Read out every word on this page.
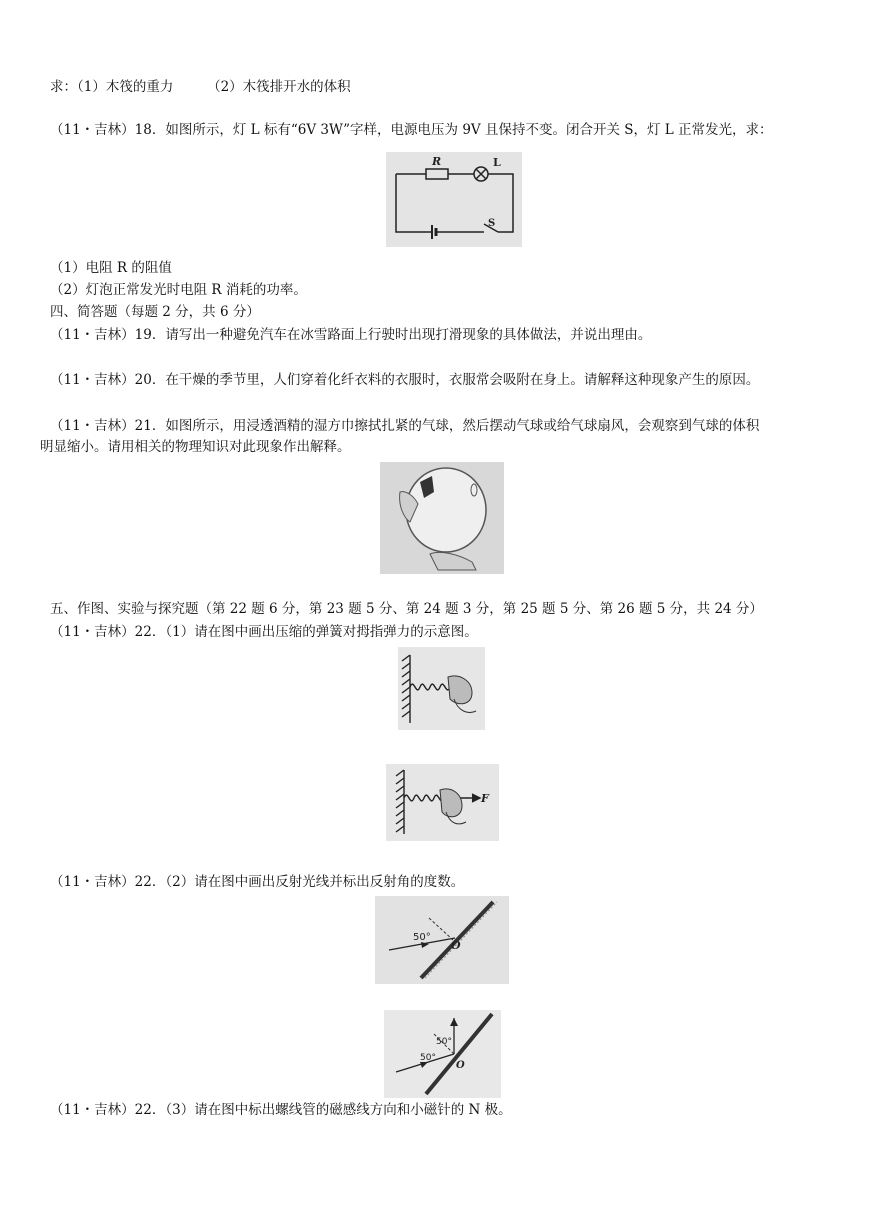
求：（1）木筏的重力　　　（2）木筏排开水的体积
（11・吉林）18．如图所示，灯 L 标有“6V 3W”字样，电源电压为 9V 且保持不变。闭合开关 S，灯 L 正常发光，求：
R	L
S
（1）电阻 R 的阻值
（2）灯泡正常发光时电阻 R 消耗的功率。
四、简答题（每题 2 分，共 6 分）
（11・吉林）19．请写出一种避免汽车在冰雪路面上行驶时出现打滑现象的具体做法，并说出理由。
（11・吉林）20．在干燥的季节里，人们穿着化纤衣料的衣服时，衣服常会吸附在身上。请解释这种现象产生的原因。
（11・吉林）21．如图所示，用浸透酒精的湿方巾擦拭扎紧的气球，然后摆动气球或给气球扇风，会观察到气球的体积
明显缩小。请用相关的物理知识对此现象作出解释。
五、作图、实验与探究题（第 22 题 6 分，第 23 题 5 分、第 24 题 3 分，第 25 题 5 分、第 26 题 5 分，共 24 分）
（11・吉林）22．（1）请在图中画出压缩的弹簧对拇指弹力的示意图。
F
（11・吉林）22．（2）请在图中画出反射光线并标出反射角的度数。
50°
O
50°
50°
O
（11・吉林）22．（3）请在图中标出螺线管的磁感线方向和小磁针的 N 极。
